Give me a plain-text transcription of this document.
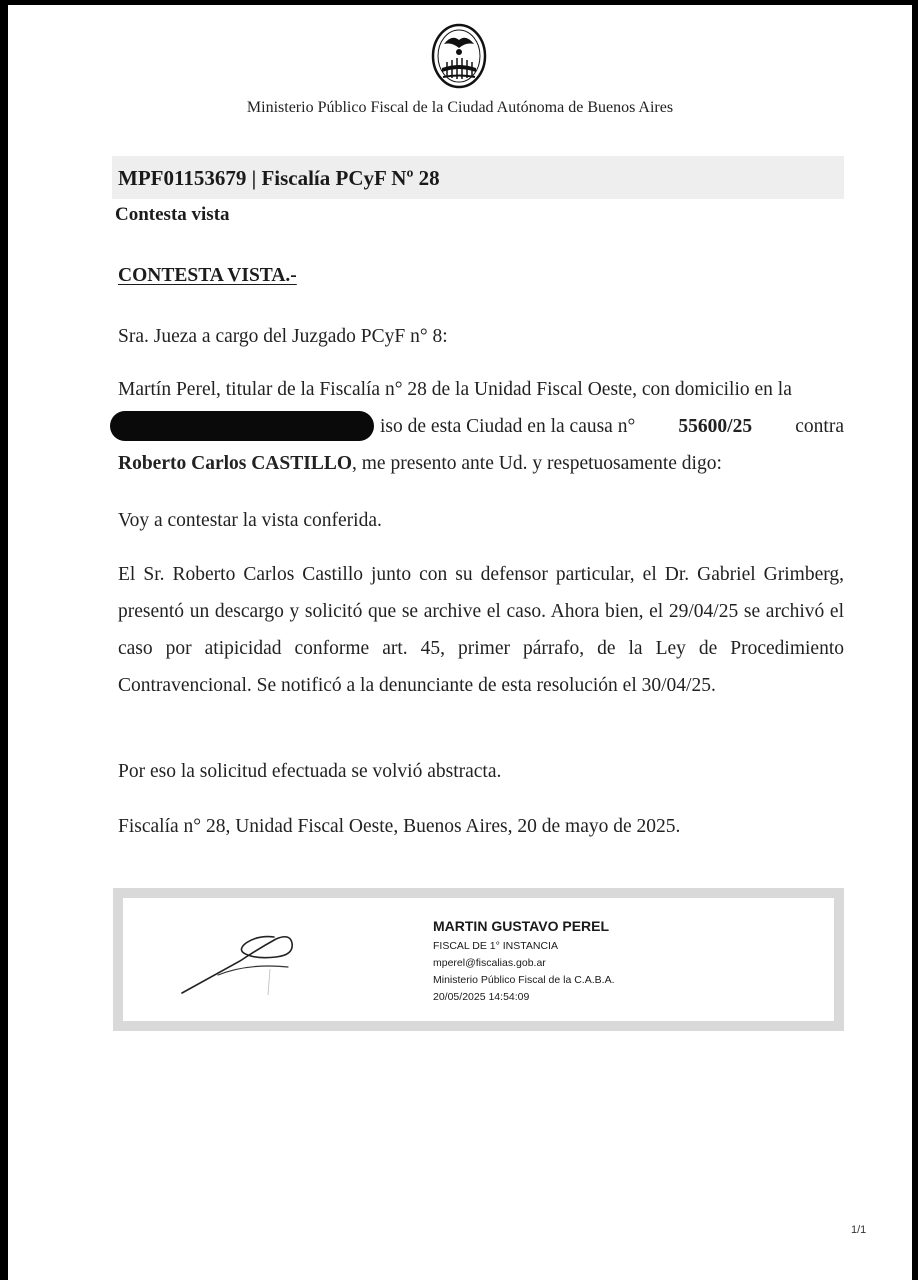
Ministerio Público Fiscal de la Ciudad Autónoma de Buenos Aires
MPF01153679 | Fiscalía PCyF Nº 28
Contesta vista
CONTESTA VISTA.-
Sra. Jueza a cargo del Juzgado PCyF n° 8:
Martín Perel, titular de la Fiscalía n° 28 de la Unidad Fiscal Oeste, con domicilio en la
iso de esta Ciudad en la causa n° 55600/25 contra
Roberto Carlos CASTILLO, me presento ante Ud. y respetuosamente digo:
Voy a contestar la vista conferida.
El Sr. Roberto Carlos Castillo junto con su defensor particular, el Dr. Gabriel Grimberg, presentó un descargo y solicitó que se archive el caso. Ahora bien, el 29/04/25 se archivó el caso por atipicidad conforme art. 45, primer párrafo, de la Ley de Procedimiento Contravencional. Se notificó a la denunciante de esta resolución el 30/04/25.
Por eso la solicitud efectuada se volvió abstracta.
Fiscalía n° 28, Unidad Fiscal Oeste, Buenos Aires, 20 de mayo de 2025.
MARTIN GUSTAVO PEREL
FISCAL DE 1° INSTANCIA
mperel@fiscalias.gob.ar
Ministerio Público Fiscal de la C.A.B.A.
20/05/2025 14:54:09
1/1
